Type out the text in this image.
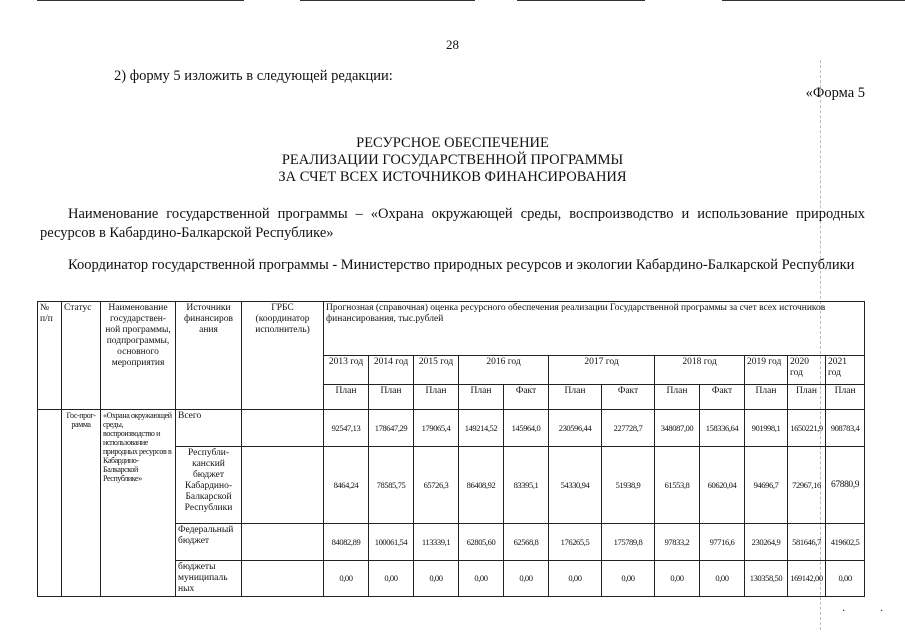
28
2) форму 5 изложить в следующей редакции:
«Форма 5
РЕСУРСНОЕ ОБЕСПЕЧЕНИЕ
РЕАЛИЗАЦИИ ГОСУДАРСТВЕННОЙ ПРОГРАММЫ
ЗА СЧЕТ ВСЕХ ИСТОЧНИКОВ ФИНАНСИРОВАНИЯ
Наименование государственной программы – «Охрана окружающей среды, воспроизводство и использование природных ресурсов в Кабардино-Балкарской Республике»
Координатор государственной программы - Министерство природных ресурсов и экологии Кабардино-Балкарской Республики
№ п/п	Статус	Наименование государствен-ной программы, подпрограммы, основного мероприятия	Источники финансиров ания	ГРБС (координатор исполнитель)	Прогнозная (справочная) оценка ресурсного обеспечения реализации Государственной программы за счет всех источников финансирования, тыс.рублей											
					2013 год	2014 год	2015 год	2016 год		2017 год		2018 год		2019 год	2020 год	2021 год
					План	План	План	План	Факт	План	Факт	План	Факт	План	План	План
	Гос-прог-рамма	«Охрана окружающей среды, воспроизводство и использование природных ресурсов в Кабардино-Балкарской Республике»	Всего		92547,13	178647,29	179065,4	149214,52	145964,0	230596,44	227728,7	348087,00	158336,64	901998,1	1650221,9	908783,4
			Республи-канский бюджет Кабардино-Балкарской Республики		8464,24	78585,75	65726,3	86408,92	83395,1	54330,94	51938,9	61553,8	60620,04	94696,7	72967,16	67880,9
			Федеральный бюджет		84082,89	100061,54	113339,1	62805,60	62568,8	176265,5	175789,8	97833,2	97716,6	230264,9	581646,7	419602,5
			бюджеты муниципаль ных		0,00	0,00	0,00	0,00	0,00	0,00	0,00	0,00	0,00	130358,50	169142,00	0,00
·	·
